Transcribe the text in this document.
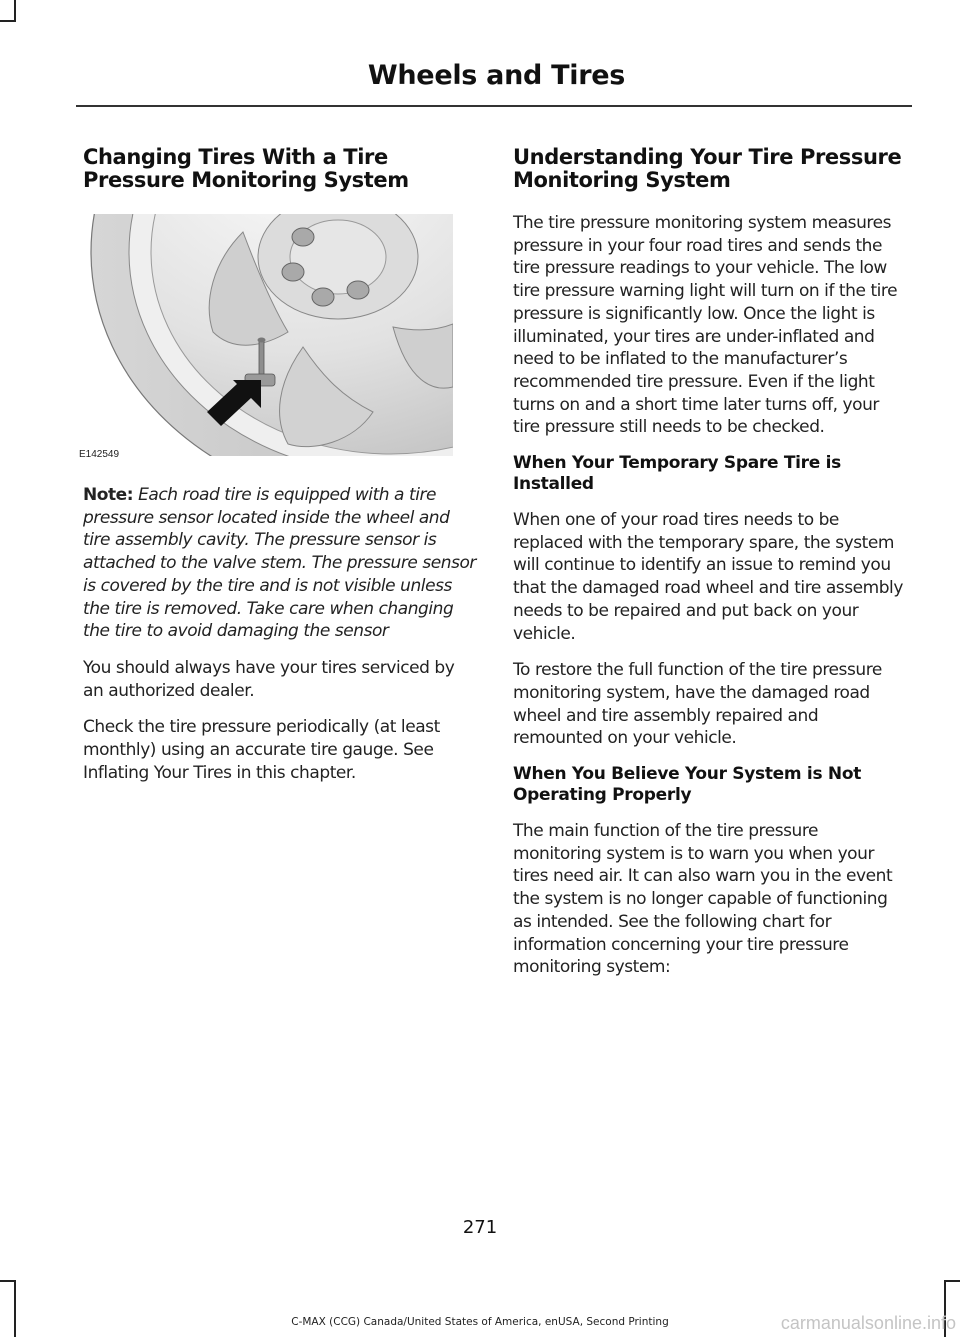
Wheels and Tires
Changing Tires With a Tire Pressure Monitoring System
E142549

Note: Each road tire is equipped with a tire pressure sensor located inside the wheel and tire assembly cavity. The pressure sensor is attached to the valve stem. The pressure sensor is covered by the tire and is not visible unless the tire is removed. Take care when changing the tire to avoid damaging the sensor

You should always have your tires serviced by an authorized dealer.

Check the tire pressure periodically (at least monthly) using an accurate tire gauge. See Inflating Your Tires in this chapter.

Understanding Your Tire Pressure Monitoring System

The tire pressure monitoring system measures pressure in your four road tires and sends the tire pressure readings to your vehicle. The low tire pressure warning light will turn on if the tire pressure is significantly low. Once the light is illuminated, your tires are under-inflated and need to be inflated to the manufacturer’s recommended tire pressure. Even if the light turns on and a short time later turns off, your tire pressure still needs to be checked.

When Your Temporary Spare Tire is Installed

When one of your road tires needs to be replaced with the temporary spare, the system will continue to identify an issue to remind you that the damaged road wheel and tire assembly needs to be repaired and put back on your vehicle.

To restore the full function of the tire pressure monitoring system, have the damaged road wheel and tire assembly repaired and remounted on your vehicle.

When You Believe Your System is Not Operating Properly

The main function of the tire pressure monitoring system is to warn you when your tires need air. It can also warn you in the event the system is no longer capable of functioning as intended. See the following chart for information concerning your tire pressure monitoring system:

271
C-MAX (CCG) Canada/United States of America, enUSA, Second Printing	carmanualsonline.info
